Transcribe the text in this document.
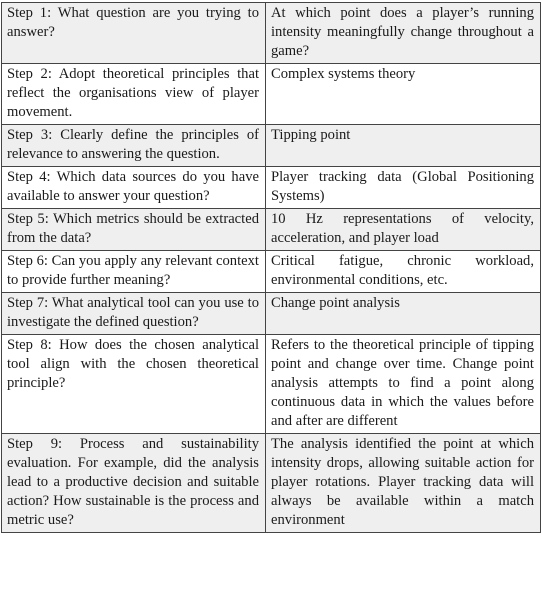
Step 1: What question are you trying to answer?	At which point does a player’s running intensity meaningfully change throughout a game?
Step 2: Adopt theoretical principles that reflect the organisations view of player movement.	Complex systems theory
Step 3: Clearly define the principles of relevance to answering the question.	Tipping point
Step 4: Which data sources do you have available to answer your question?	Player tracking data (Global Positioning Systems)
Step 5: Which metrics should be extracted from the data?	10 Hz representations of velocity, acceleration, and player load
Step 6: Can you apply any relevant context to provide further meaning?	Critical fatigue, chronic workload, environmental conditions, etc.
Step 7: What analytical tool can you use to investigate the defined question?	Change point analysis
Step 8: How does the chosen analytical tool align with the chosen theoretical principle?	Refers to the theoretical principle of tipping point and change over time. Change point analysis attempts to find a point along continuous data in which the values before and after are different
Step 9: Process and sustainability evaluation. For example, did the analysis lead to a productive decision and suitable action? How sustainable is the process and metric use?	The analysis identified the point at which intensity drops, allowing suitable action for player rotations. Player tracking data will always be available within a match environment
